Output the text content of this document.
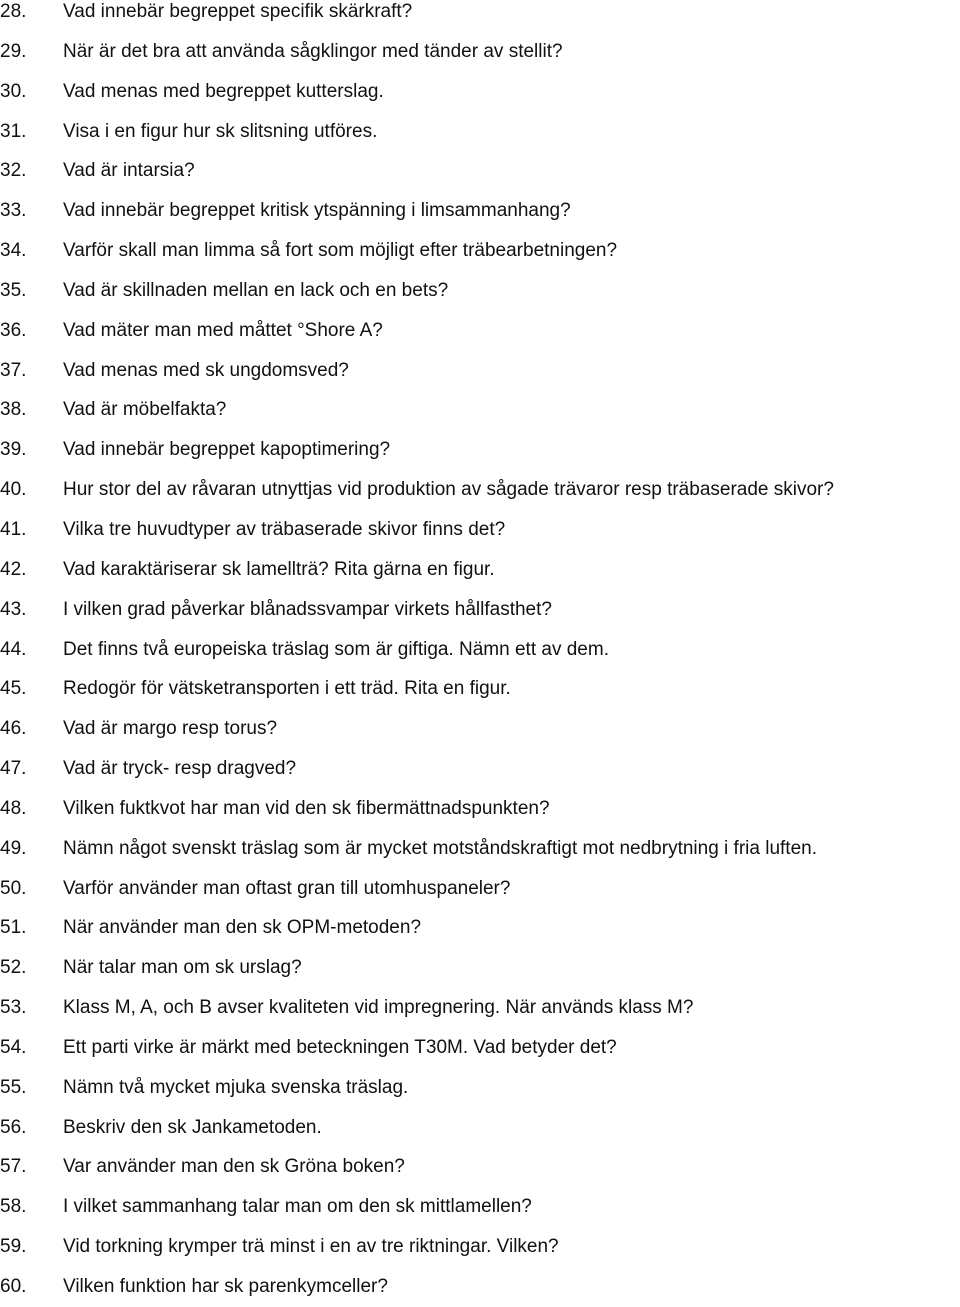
28.	Vad innebär begreppet specifik skärkraft?
29.	När är det bra att använda sågklingor med tänder av stellit?
30.	Vad menas med begreppet kutterslag.
31.	Visa i en figur hur sk slitsning utföres.
32.	Vad är intarsia?
33.	Vad innebär begreppet kritisk ytspänning i limsammanhang?
34.	Varför skall man limma så fort som möjligt efter träbearbetningen?
35.	Vad är skillnaden mellan en lack och en bets?
36.	Vad mäter man med måttet °Shore A?
37.	Vad menas med sk ungdomsved?
38.	Vad är möbelfakta?
39.	Vad innebär begreppet kapoptimering?
40.	Hur stor del av råvaran utnyttjas vid produktion av sågade trävaror resp träbaserade skivor?
41.	Vilka tre huvudtyper av träbaserade skivor finns det?
42.	Vad karaktäriserar sk lamellträ? Rita gärna en figur.
43.	I vilken grad påverkar blånadssvampar virkets hållfasthet?
44.	Det finns två europeiska träslag som är giftiga. Nämn ett av dem.
45.	Redogör för vätsketransporten i ett träd. Rita en figur.
46.	Vad är margo resp torus?
47.	Vad är tryck- resp dragved?
48.	Vilken fuktkvot har man vid den sk fibermättnadspunkten?
49.	Nämn något svenskt träslag som är mycket motståndskraftigt mot nedbrytning i fria luften.
50.	Varför använder man oftast gran till utomhuspaneler?
51.	När använder man den sk OPM-metoden?
52.	När talar man om sk urslag?
53.	Klass M, A, och B avser kvaliteten vid impregnering. När används klass M?
54.	Ett parti virke är märkt med beteckningen T30M. Vad betyder det?
55.	Nämn två mycket mjuka svenska träslag.
56.	Beskriv den sk Jankametoden.
57.	Var använder man den sk Gröna boken?
58.	I vilket sammanhang talar man om den sk mittlamellen?
59.	Vid torkning krymper trä minst i en av tre riktningar. Vilken?
60.	Vilken funktion har sk parenkymceller?
